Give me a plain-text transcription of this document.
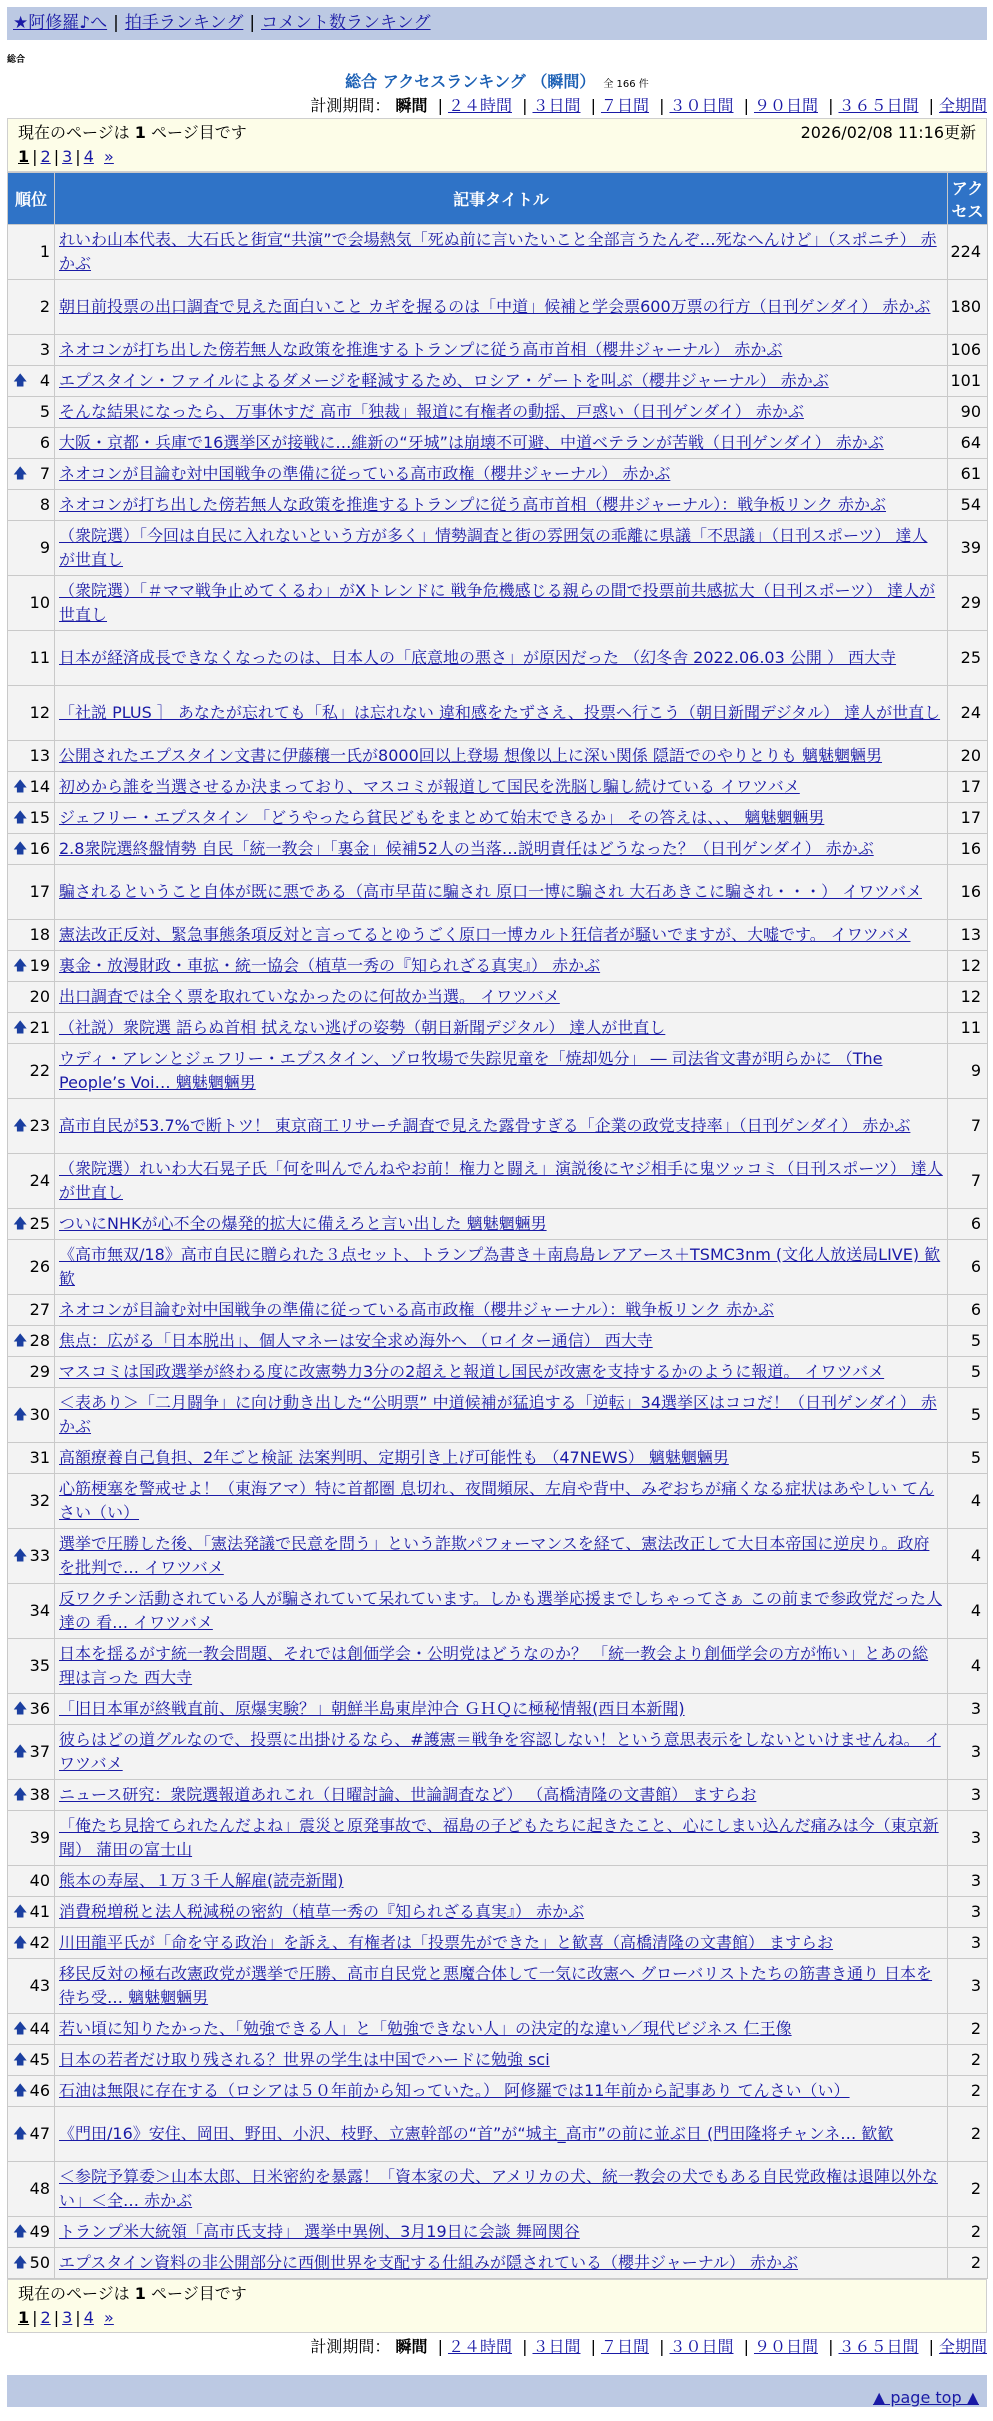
★阿修羅♪へ | 拍手ランキング | コメント数ランキング
総合
総合 アクセスランキング （瞬間） 全 166 件
計測期間： 瞬間 | ２４時間 | ３日間 | ７日間 | ３０日間 | ９０日間 | ３６５日間 | 全期間
現在のページは 1 ページ目です	2026/02/08 11:16更新
1 | 2 | 3 | 4 »
順位	記事タイトル	アクセス
1	れいわ山本代表、大石氏と街宣“共演”で会場熱気「死ぬ前に言いたいこと全部言うたんぞ…死なへんけど」（スポニチ） 赤かぶ	224
2	朝日前投票の出口調査で見えた面白いこと カギを握るのは「中道」候補と学会票600万票の行方（日刊ゲンダイ） 赤かぶ	180
3	ネオコンが打ち出した傍若無人な政策を推進するトランプに従う高市首相（櫻井ジャーナル） 赤かぶ	106

🡅 4	エプスタイン・ファイルによるダメージを軽減するため、ロシア・ゲートを叫ぶ（櫻井ジャーナル） 赤かぶ	101
5	そんな結果になったら、万事休すだ 高市「独裁」報道に有権者の動揺、戸惑い（日刊ゲンダイ） 赤かぶ	90
6	大阪・京都・兵庫で16選挙区が接戦に…維新の“牙城”は崩壊不可避、中道ベテランが苦戦（日刊ゲンダイ） 赤かぶ	64

🡅 7	ネオコンが目論む対中国戦争の準備に従っている高市政権（櫻井ジャーナル） 赤かぶ	61
8	ネオコンが打ち出した傍若無人な政策を推進するトランプに従う高市首相（櫻井ジャーナル）：戦争板リンク 赤かぶ	54
9	（衆院選）「今回は自民に入れないという方が多く」情勢調査と街の雰囲気の乖離に県議「不思議」（日刊スポーツ） 達人が世直し	39
10	（衆院選）「＃ママ戦争止めてくるわ」がXトレンドに 戦争危機感じる親らの間で投票前共感拡大（日刊スポーツ） 達人が世直し	29
11	日本が経済成長できなくなったのは、日本人の「底意地の悪さ」が原因だった （幻冬舎 2022.06.03 公開 ） 西大寺	25
12	「社説 PLUS ］ あなたが忘れても「私」は忘れない 違和感をたずさえ、投票へ行こう（朝日新聞デジタル） 達人が世直し	24
13	公開されたエプスタイン文書に伊藤穰一氏が8000回以上登場 想像以上に深い関係 隠語でのやりとりも 魑魅魍魎男	20

🡅 14	初めから誰を当選させるか決まっており、マスコミが報道して国民を洗脳し騙し続けている イワツバメ	17

🡅 15	ジェフリー・エプスタイン 「どうやったら貧民どもをまとめて始末できるか」 その答えは、、、 魑魅魍魎男	17

🡅 16	2.8衆院選終盤情勢 自民「統一教会」「裏金」候補52人の当落…説明責任はどうなった？（日刊ゲンダイ） 赤かぶ	16
17	騙されるということ自体が既に悪である（高市早苗に騙され 原口一博に騙され 大石あきこに騙され・・・） イワツバメ	16
18	憲法改正反対、緊急事態条項反対と言ってるとゆうごく原口一博カルト狂信者が騒いでますが、大嘘です。 イワツバメ	13

🡅 19	裏金・放漫財政・車拡・統一協会（植草一秀の『知られざる真実』） 赤かぶ	12
20	出口調査では全く票を取れていなかったのに何故か当選。 イワツバメ	12

🡅 21	（社説）衆院選 語らぬ首相 拭えない逃げの姿勢（朝日新聞デジタル） 達人が世直し	11
22	ウディ・アレンとジェフリー・エプスタイン、ゾロ牧場で失踪児童を「焼却処分」 ― 司法省文書が明らかに （The People’s Voi… 魑魅魍魎男	9

🡅 23	高市自民が53.7%で断トツ！ 東京商工リサーチ調査で見えた露骨すぎる「企業の政党支持率」（日刊ゲンダイ） 赤かぶ	7
24	（衆院選）れいわ大石晃子氏「何を叫んでんねやお前！権力と闘え」演説後にヤジ相手に鬼ツッコミ（日刊スポーツ） 達人が世直し	7

🡅 25	ついにNHKが心不全の爆発的拡大に備えろと言い出した 魑魅魍魎男	6
26	《高市無双/18》高市自民に贈られた３点セット、トランプ為書き＋南鳥島レアアース＋TSMC3nm (文化人放送局LIVE) 歓歓	6
27	ネオコンが目論む対中国戦争の準備に従っている高市政権（櫻井ジャーナル）：戦争板リンク 赤かぶ	6

🡅 28	焦点：広がる「日本脱出」、個人マネーは安全求め海外へ （ロイター通信） 西大寺	5
29	マスコミは国政選挙が終わる度に改憲勢力3分の2超えと報道し国民が改憲を支持するかのように報道。 イワツバメ	5

🡅 30	＜表あり＞「二月闘争」に向け動き出した“公明票” 中道候補が猛追する「逆転」34選挙区はココだ！（日刊ゲンダイ） 赤かぶ	5
31	高額療養自己負担、2年ごと検証 法案判明、定期引き上げ可能性も （47NEWS） 魑魅魍魎男	5
32	心筋梗塞を警戒せよ！（東海アマ）特に首都圏 息切れ、夜間頻尿、左肩や背中、みぞおちが痛くなる症状はあやしい てんさい（い）	4

🡅 33	選挙で圧勝した後、「憲法発議で民意を問う」という詐欺パフォーマンスを経て、憲法改正して大日本帝国に逆戻り。政府を批判で… イワツバメ	4
34	反ワクチン活動されている人が騙されていて呆れています。しかも選挙応援までしちゃってさぁ この前まで参政党だった人達の 看… イワツバメ	4
35	日本を揺るがす統一教会問題、それでは創価学会・公明党はどうなのか？ 「統一教会より創価学会の方が怖い」とあの総理は言った 西大寺	4

🡅 36	「旧日本軍が終戦直前、原爆実験？」朝鮮半島東岸沖合 ＧＨＱに極秘情報(西日本新聞)	3

🡅 37	彼らはどの道グルなので、投票に出掛けるなら、#護憲＝戦争を容認しない！という意思表示をしないといけませんね。 イワツバメ	3

🡅 38	ニュース研究：衆院選報道あれこれ（日曜討論、世論調査など） （高橋清隆の文書館） ますらお	3
39	「俺たち見捨てられたんだよね」震災と原発事故で、福島の子どもたちに起きたこと、心にしまい込んだ痛みは今（東京新聞） 蒲田の富士山	3
40	熊本の寿屋、１万３千人解雇(読売新聞)	3

🡅 41	消費税増税と法人税減税の密約（植草一秀の『知られざる真実』） 赤かぶ	3

🡅 42	川田龍平氏が「命を守る政治」を訴え、有権者は「投票先ができた」と歓喜（高橋清隆の文書館） ますらお	3
43	移民反対の極右改憲政党が選挙で圧勝、高市自民党と悪魔合体して一気に改憲へ グローバリストたちの筋書き通り 日本を待ち受… 魑魅魍魎男	3

🡅 44	若い頃に知りたかった、「勉強できる人」と「勉強できない人」の決定的な違い／現代ビジネス 仁王像	2

🡅 45	日本の若者だけ取り残される？世界の学生は中国でハードに勉強 sci	2

🡅 46	石油は無限に存在する（ロシアは５０年前から知っていた。） 阿修羅では11年前から記事あり てんさい（い）	2

🡅 47	《門田/16》安住、岡田、野田、小沢、枝野、立憲幹部の“首”が“城主_高市”の前に並ぶ日 (門田隆将チャンネ… 歓歓	2
48	＜参院予算委＞山本太郎、日米密約を暴露！「資本家の犬、アメリカの犬、統一教会の犬でもある自民党政権は退陣以外ない」＜全… 赤かぶ	2

🡅 49	トランプ米大統領「高市氏支持」 選挙中異例、3月19日に会談 舞岡関谷	2

🡅 50	エプスタイン資料の非公開部分に西側世界を支配する仕組みが隠されている（櫻井ジャーナル） 赤かぶ	2
現在のページは 1 ページ目です
1 | 2 | 3 | 4 »
計測期間： 瞬間 | ２４時間 | ３日間 | ７日間 | ３０日間 | ９０日間 | ３６５日間 | 全期間
▲ page top ▲
